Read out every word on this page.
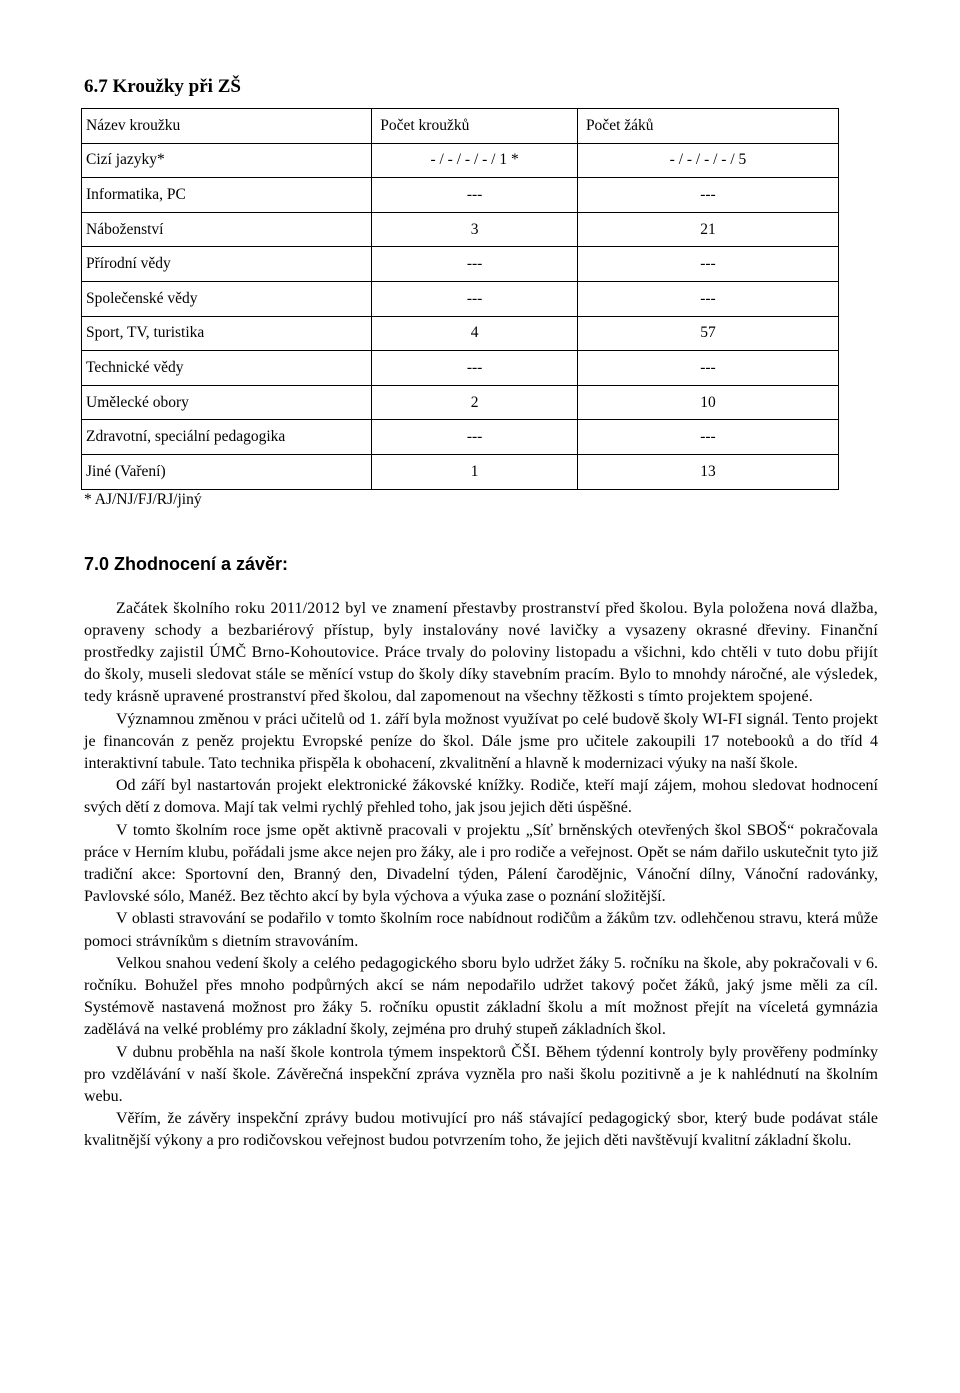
6.7 Kroužky při ZŠ
Název kroužku	Počet kroužků	Počet žáků
Cizí jazyky*	- / - / - / - / 1 *	- / - / - / - / 5
Informatika, PC	---	---
Náboženství	3	21
Přírodní vědy	---	---
Společenské vědy	---	---
Sport, TV, turistika	4	57
Technické vědy	---	---
Umělecké obory	2	10
Zdravotní, speciální pedagogika	---	---
Jiné (Vaření)	1	13
* AJ/NJ/FJ/RJ/jiný
7.0 Zhodnocení a závěr:

Začátek školního roku 2011/2012 byl ve znamení přestavby prostranství před školou. Byla položena nová dlažba, opraveny schody a bezbariérový přístup, byly instalovány nové lavičky a vysazeny okrasné dřeviny. Finanční prostředky zajistil ÚMČ Brno-Kohoutovice. Práce trvaly do poloviny listopadu a všichni, kdo chtěli v tuto dobu přijít do školy, museli sledovat stále se měnící vstup do školy díky stavebním pracím. Bylo to mnohdy náročné, ale výsledek, tedy krásně upravené prostranství před školou, dal zapomenout na všechny těžkosti s tímto projektem spojené.

Významnou změnou v práci učitelů od 1. září byla možnost využívat po celé budově školy WI-FI signál. Tento projekt je financován z peněz projektu Evropské peníze do škol. Dále jsme pro učitele zakoupili 17 notebooků a do tříd 4 interaktivní tabule. Tato technika přispěla k obohacení, zkvalitnění a hlavně k modernizaci výuky na naší škole.

Od září byl nastartován projekt elektronické žákovské knížky. Rodiče, kteří mají zájem, mohou sledovat hodnocení svých dětí z domova. Mají tak velmi rychlý přehled toho, jak jsou jejich děti úspěšné.

V tomto školním roce jsme opět aktivně pracovali v projektu „Síť brněnských otevřených škol SBOŠ“ pokračovala práce v Herním klubu, pořádali jsme akce nejen pro žáky, ale i pro rodiče a veřejnost. Opět se nám dařilo uskutečnit tyto již tradiční akce: Sportovní den, Branný den, Divadelní týden, Pálení čarodějnic, Vánoční dílny, Vánoční radovánky, Pavlovské sólo, Manéž. Bez těchto akcí by byla výchova a výuka zase o poznání složitější.

V oblasti stravování se podařilo v tomto školním roce nabídnout rodičům a žákům tzv. odlehčenou stravu, která může pomoci strávníkům s dietním stravováním.

Velkou snahou vedení školy a celého pedagogického sboru bylo udržet žáky 5. ročníku na škole, aby pokračovali v 6. ročníku. Bohužel přes mnoho podpůrných akcí se nám nepodařilo udržet takový počet žáků, jaký jsme měli za cíl. Systémově nastavená možnost pro žáky 5. ročníku opustit základní školu a mít možnost přejít na víceletá gymnázia zadělává na velké problémy pro základní školy, zejména pro druhý stupeň základních škol.

V dubnu proběhla na naší škole kontrola týmem inspektorů ČŠI. Během týdenní kontroly byly prověřeny podmínky pro vzdělávání v naší škole. Závěrečná inspekční zpráva vyzněla pro naši školu pozitivně a je k nahlédnutí na školním webu.

Věřím, že závěry inspekční zprávy budou motivující pro náš stávající pedagogický sbor, který bude podávat stále kvalitnější výkony a pro rodičovskou veřejnost budou potvrzením toho, že jejich děti navštěvují kvalitní základní školu.
